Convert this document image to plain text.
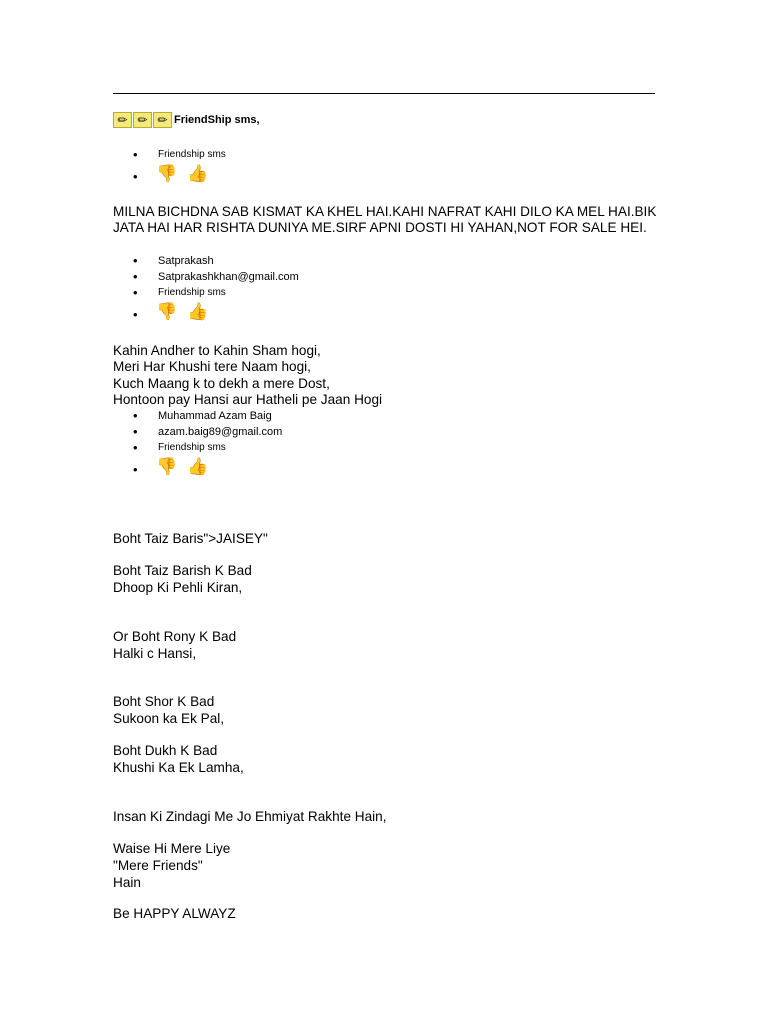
✏ ✏ ✏ FriendShip sms,
• Friendship sms
• 👎 👍

MILNA BICHDNA SAB KISMAT KA KHEL HAI.KAHI NAFRAT KAHI DILO KA MEL HAI.BIK JATA HAI HAR RISHTA DUNIYA ME.SIRF APNI DOSTI HI YAHAN,NOT FOR SALE HEI.

• Satprakash
• Satprakashkhan@gmail.com
• Friendship sms
• 👎 👍
Kahin Andher to Kahin Sham hogi,
Meri Har Khushi tere Naam hogi,
Kuch Maang k to dekh a mere Dost,
Hontoon pay Hansi aur Hatheli pe Jaan Hogi
• Muhammad Azam Baig
• azam.baig89@gmail.com
• Friendship sms
• 👎 👍
Boht Taiz Baris">JAISEY"
Boht Taiz Barish K Bad
Dhoop Ki Pehli Kiran,
Or Boht Rony K Bad
Halki c Hansi,
Boht Shor K Bad
Sukoon ka Ek Pal,
Boht Dukh K Bad
Khushi Ka Ek Lamha,
Insan Ki Zindagi Me Jo Ehmiyat Rakhte Hain,
Waise Hi Mere Liye
"Mere Friends"
Hain
Be HAPPY ALWAYZ
